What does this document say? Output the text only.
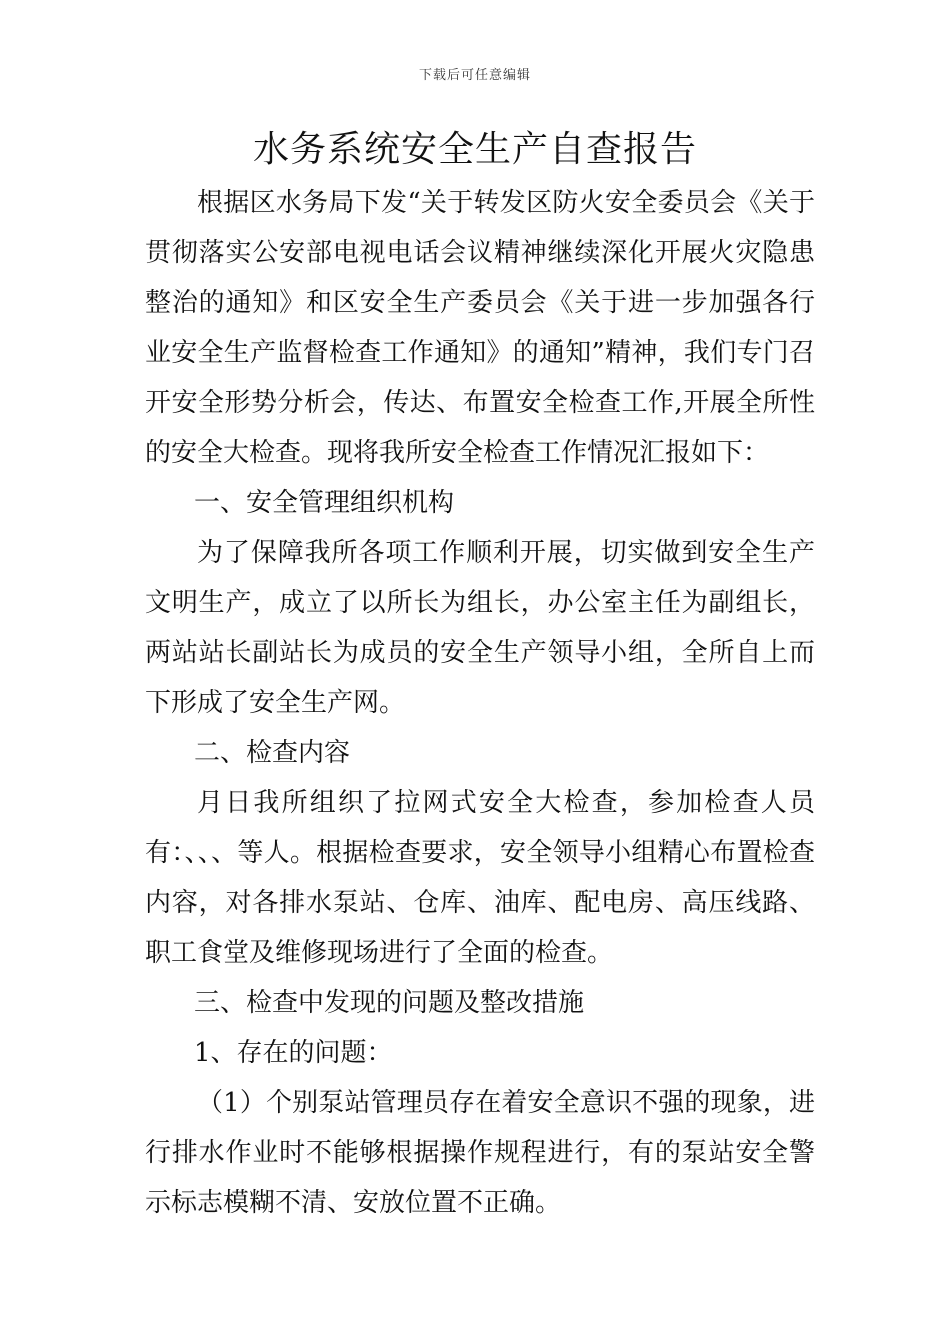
下载后可任意编辑
水务系统安全生产自查报告

根据区水务局下发“关于转发区防火安全委员会《关于贯彻落实公安部电视电话会议精神继续深化开展火灾隐患整治的通知》和区安全生产委员会《关于进一步加强各行业安全生产监督检查工作通知》的通知”精神，我们专门召开安全形势分析会，传达、布置安全检查工作,开展全所性的安全大检查。现将我所安全检查工作情况汇报如下：

一、安全管理组织机构

为了保障我所各项工作顺利开展，切实做到安全生产文明生产，成立了以所长为组长，办公室主任为副组长，两站站长副站长为成员的安全生产领导小组，全所自上而下形成了安全生产网。

二、检查内容

月日我所组织了拉网式安全大检查，参加检查人员有：、、、等人。根据检查要求，安全领导小组精心布置检查内容，对各排水泵站、仓库、油库、配电房、高压线路、职工食堂及维修现场进行了全面的检查。

三、检查中发现的问题及整改措施

1、存在的问题：

（1）个别泵站管理员存在着安全意识不强的现象，进行排水作业时不能够根据操作规程进行，有的泵站安全警示标志模糊不清、安放位置不正确。
